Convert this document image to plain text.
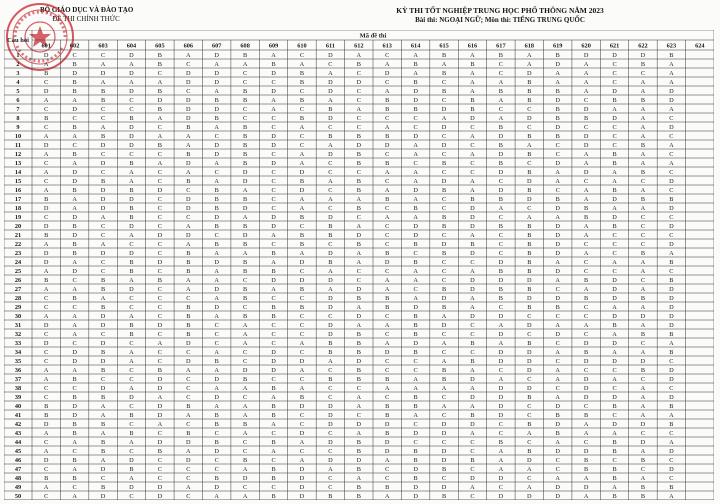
BỘ GIÁO DỤC VÀ ĐÀO TẠO
ĐỀ THI CHÍNH THỨC
KỲ THI TỐT NGHIỆP TRUNG HỌC PHỔ THÔNG NĂM 2023
Bài thi: NGOẠI NGỮ; Môn thi: TIẾNG TRUNG QUỐC
Câu hỏi
Mã đề thi
601	602	603	604	605	606	607	608	609	610	611	612	613	614	615	616	617	618	619	620	621	622	623	624
1	D	C	C	D	B	A	D	B	A	C	D	A	C	A	B	A	B	A	B	D	D	D	B
2	A	B	A	A	B	C	A	A	B	A	C	B	A	B	A	B	C	A	D	A	C	B	A
3	B	D	D	D	C	D	D	C	D	B	A	C	D	A	B	A	C	D	A	A	C	C	A
4	C	B	A	A	A	D	D	C	C	B	D	D	C	B	C	A	A	B	A	A	C	A	A
5	D	B	B	D	B	C	A	B	D	C	D	C	A	D	B	A	B	B	B	A	D	A	D
6	A	A	B	C	D	D	B	B	A	B	A	C	B	D	C	B	A	B	D	C	B	B	D
7	C	D	C	C	B	D	D	C	A	C	B	A	B	B	D	B	C	C	B	D	A	A	A
8	B	C	C	B	A	D	B	C	C	B	D	C	C	C	A	D	A	D	B	B	D	A	C
9	C	B	A	D	C	B	A	B	C	A	C	C	A	C	D	C	B	C	D	C	C	A	D
10	A	A	B	D	A	A	C	B	D	C	B	B	B	D	C	A	D	B	B	D	C	A	C
11	D	C	D	D	B	A	D	B	D	C	A	D	D	A	D	C	B	A	C	D	C	B	A
12	A	B	C	C	C	B	D	B	C	A	D	B	C	A	C	A	D	B	C	A	B	A	C
13	C	A	D	B	A	D	A	B	D	A	C	B	B	C	B	C	B	C	D	A	B	A	A
14	A	D	C	A	C	A	C	D	C	D	C	C	A	A	C	C	D	B	A	D	A	B	C
15	C	D	B	A	C	B	A	D	C	B	A	B	C	A	D	A	C	D	A	C	A	C	D
16	A	B	D	B	D	C	B	A	C	D	C	B	A	D	B	A	D	B	C	A	B	A	C
17	B	A	D	D	C	D	B	B	C	A	A	A	B	A	C	B	B	D	B	A	D	B	B
18	D	A	D	B	C	D	B	D	C	A	C	B	C	B	C	D	A	C	D	B	A	A	D
19	C	D	A	B	C	C	D	A	D	B	D	C	A	A	B	D	C	A	A	B	D	C	C
20	D	B	C	D	C	A	B	B	D	C	B	A	C	D	B	D	B	B	D	A	B	C	D
21	B	D	C	A	D	D	C	D	A	B	B	D	C	D	C	A	C	B	D	A	C	C	C
22	A	B	A	C	C	A	B	B	C	B	C	B	C	B	D	B	C	B	D	C	C	C	D
23	D	B	D	D	C	B	A	A	B	A	D	A	B	C	B	D	C	B	D	A	C	B	A
24	D	A	C	B	D	B	D	B	A	D	B	A	D	B	C	C	D	B	A	C	A	A	B
25	A	D	C	B	C	B	A	B	B	C	A	C	C	A	C	A	B	B	D	C	C	A	C
26	B	C	B	A	B	A	A	C	D	D	D	C	A	A	C	D	D	D	A	B	D	C	B
27	A	A	B	D	C	A	D	B	A	B	A	D	A	C	B	D	B	B	C	A	D	A	D
28	C	B	A	C	C	C	A	B	C	C	D	B	B	A	D	A	B	D	D	B	D	B	D
29	C	C	B	C	C	B	D	C	B	B	D	A	B	D	B	A	C	B	B	C	A	A	D
30	A	A	D	A	C	B	A	B	B	C	C	D	C	B	A	D	D	C	C	C	D	D	D
31	D	A	D	B	D	B	C	A	C	C	D	A	A	B	D	C	A	D	A	A	B	A	D
32	C	A	C	B	C	B	C	A	C	C	D	B	C	B	C	C	D	C	D	C	A	B	B
33	D	C	D	C	A	D	C	A	C	A	B	B	A	D	A	B	A	B	C	D	D	C	A
34	C	D	B	A	C	C	A	C	D	C	B	B	D	B	C	C	D	D	A	B	A	A	B
35	C	D	D	A	C	D	B	C	D	D	A	D	C	C	A	B	D	D	C	D	D	D	C
36	A	A	B	C	B	A	A	D	D	A	C	B	C	C	B	A	C	D	A	C	C	B	D
37	A	B	C	C	D	C	D	B	C	C	B	B	B	A	B	D	A	C	A	D	A	C	D
38	C	C	D	A	D	C	A	A	B	A	C	C	A	A	A	A	D	D	C	D	C	A	C
39	C	B	B	D	A	C	D	C	A	B	C	A	C	B	C	D	D	B	A	D	D	A	D
40	B	D	A	C	D	B	A	A	B	D	D	A	B	B	A	A	D	C	D	C	B	A	B
41	B	D	A	B	D	A	B	A	B	C	D	C	B	A	C	B	D	C	B	B	C	A	A
42	D	B	B	C	A	C	B	B	A	C	D	D	D	C	D	D	C	B	D	A	D	D	B
43	A	B	A	B	C	B	C	A	C	D	C	A	B	D	D	A	C	A	B	A	A	C	C
44	C	A	B	A	D	D	B	C	B	A	D	B	D	C	C	C	B	C	A	C	B	D	A
45	A	C	B	C	B	A	D	C	A	C	C	B	D	B	D	C	A	B	D	D	B	A	D
46	D	B	A	D	C	D	C	B	C	A	D	D	A	B	D	B	A	D	C	B	C	B	C
47	C	A	D	B	C	C	C	A	B	D	A	B	C	D	B	C	A	A	C	B	B	C	D
48	B	B	C	A	C	C	B	D	B	D	C	A	C	B	C	D	D	C	A	A	B	A	C
49	A	C	B	D	D	A	D	C	C	D	C	B	B	D	D	A	C	A	D	D	A	B	B
50	C	A	D	C	D	C	A	A	B	D	B	B	A	D	B	C	D	D	D	A	B	B	A
